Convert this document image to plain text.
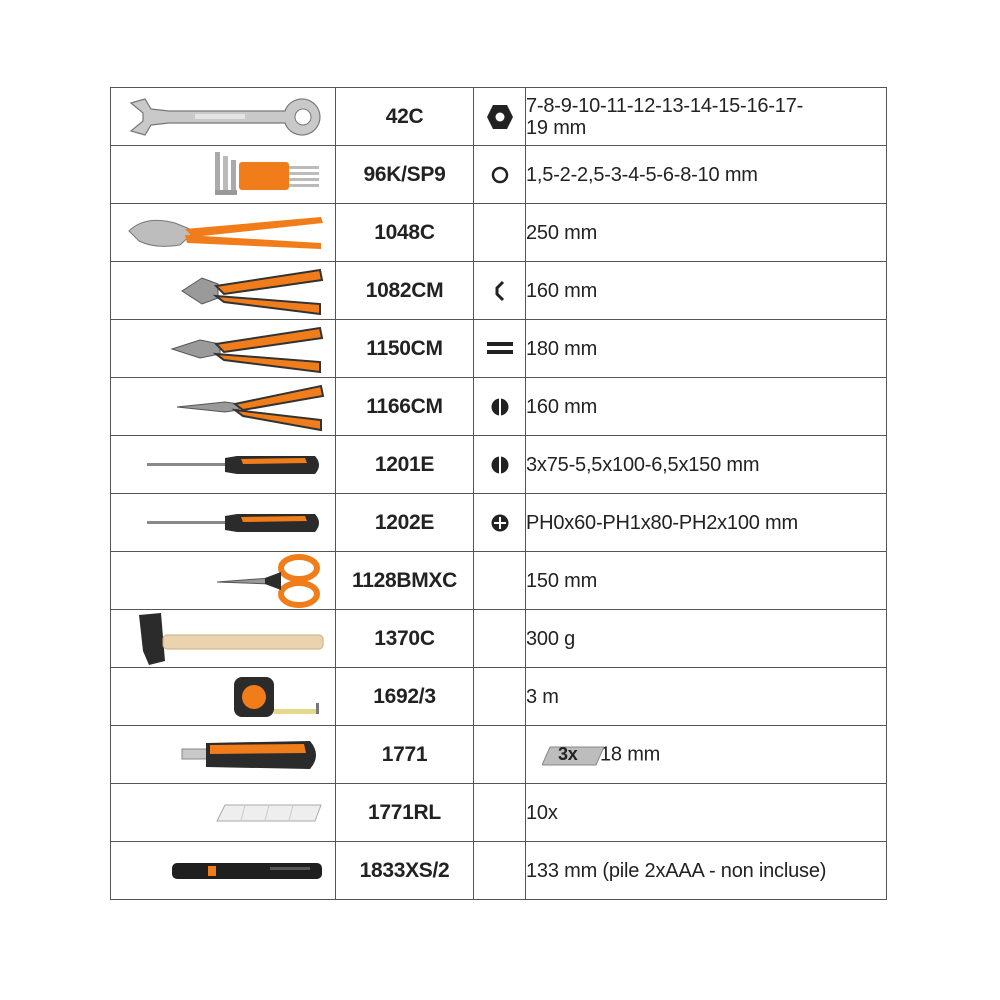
	42C		7-8-9-10-11-12-13-14-15-16-17-19 mm

	96K/SP9		1,5-2-2,5-3-4-5-6-8-10 mm

	1048C		250 mm

	1082CM		160 mm

	1150CM		180 mm

	1166CM		160 mm

	1201E		3x75-5,5x100-6,5x150 mm

	1202E		PH0x60-PH1x80-PH2x100 mm

	1128BMXC		150 mm

	1370C		300 g

	1692/3		3 m

	1771		3x 18 mm

	1771RL		10x

	1833XS/2		133 mm (pile 2xAAA - non incluse)
